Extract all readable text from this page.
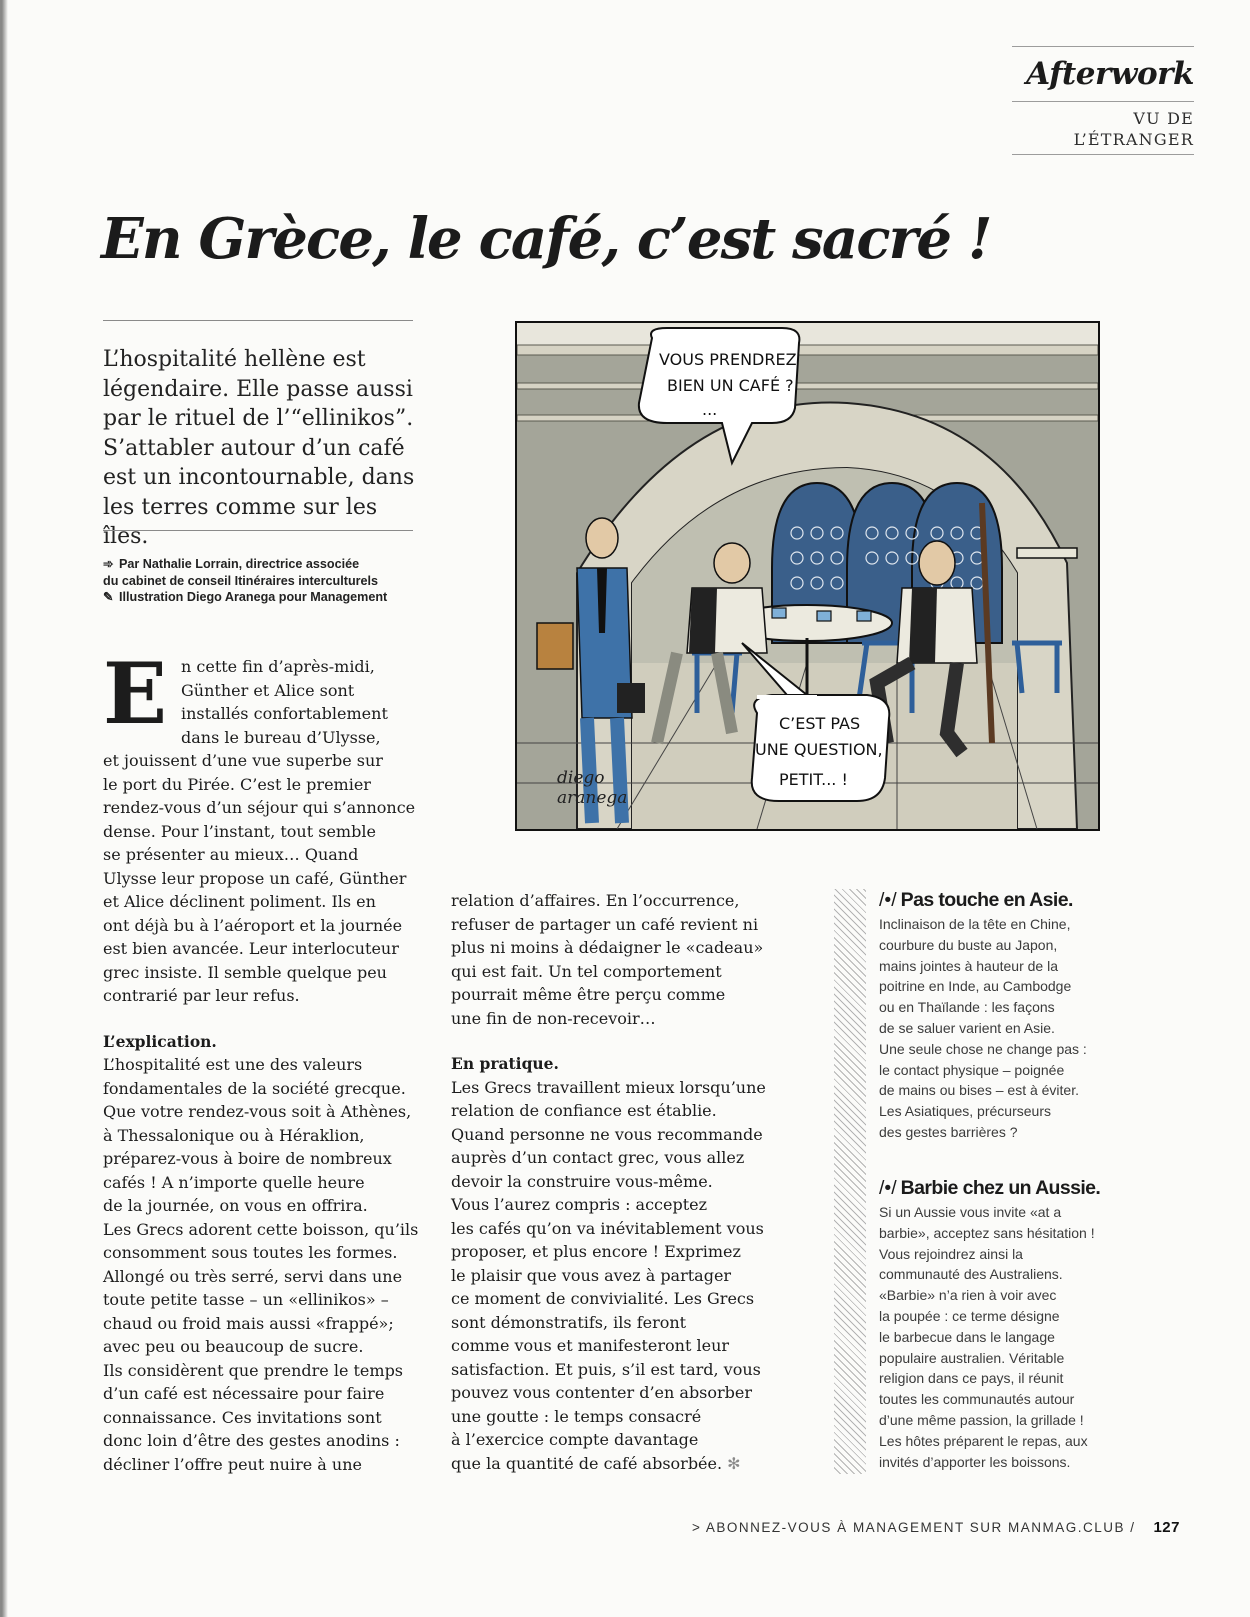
Afterwork
VU DE
L’ÉTRANGER
En Grèce, le café, c’est sacré !
L’hospitalité hellène est
légendaire. Elle passe aussi
par le rituel de l’“ellinikos”.
S’attabler autour d’un café
est un incontournable, dans
les terres comme sur les îles.
➾ Par Nathalie Lorrain, directrice associée
du cabinet de conseil Itinéraires interculturels
✎ Illustration Diego Aranega pour Management
VOUS PRENDREZ
BIEN UN CAFÉ ?
...
C’EST PAS
UNE QUESTION,
PETIT... !
diego
aranega
E n cette fin d’après-midi,

Günther et Alice sont

installés confortablement

dans le bureau d’Ulysse,

et jouissent d’une vue superbe sur

le port du Pirée. C’est le premier

rendez-vous d’un séjour qui s’annonce

dense. Pour l’instant, tout semble

se présenter au mieux… Quand

Ulysse leur propose un café, Günther

et Alice déclinent poliment. Ils en

ont déjà bu à l’aéroport et la journée

est bien avancée. Leur interlocuteur

grec insiste. Il semble quelque peu

contrarié par leur refus.

L’explication.

L’hospitalité est une des valeurs

fondamentales de la société grecque.

Que votre rendez-vous soit à Athènes,

à Thessalonique ou à Héraklion,

préparez-vous à boire de nombreux

cafés ! A n’importe quelle heure

de la journée, on vous en offrira.

Les Grecs adorent cette boisson, qu’ils

consomment sous toutes les formes.

Allongé ou très serré, servi dans une

toute petite tasse – un «ellinikos» –

chaud ou froid mais aussi «frappé»;

avec peu ou beaucoup de sucre.

Ils considèrent que prendre le temps

d’un café est nécessaire pour faire

connaissance. Ces invitations sont

donc loin d’être des gestes anodins :

décliner l’offre peut nuire à une

relation d’affaires. En l’occurrence,

refuser de partager un café revient ni

plus ni moins à dédaigner le «cadeau»

qui est fait. Un tel comportement

pourrait même être perçu comme

une fin de non-recevoir…

En pratique.

Les Grecs travaillent mieux lorsqu’une

relation de confiance est établie.

Quand personne ne vous recommande

auprès d’un contact grec, vous allez

devoir la construire vous-même.

Vous l’aurez compris : acceptez

les cafés qu’on va inévitablement vous

proposer, et plus encore ! Exprimez

le plaisir que vous avez à partager

ce moment de convivialité. Les Grecs

sont démonstratifs, ils feront

comme vous et manifesteront leur

satisfaction. Et puis, s’il est tard, vous

pouvez vous contenter d’en absorber

une goutte : le temps consacré

à l’exercice compte davantage

que la quantité de café absorbée. ✻

/•/ Pas touche en Asie.
Inclinaison de la tête en Chine,
courbure du buste au Japon,
mains jointes à hauteur de la
poitrine en Inde, au Cambodge
ou en Thaïlande : les façons
de se saluer varient en Asie.
Une seule chose ne change pas :
le contact physique – poignée
de mains ou bises – est à éviter.
Les Asiatiques, précurseurs
des gestes barrières ?
/•/ Barbie chez un Aussie.
Si un Aussie vous invite «at a
barbie», acceptez sans hésitation !
Vous rejoindrez ainsi la
communauté des Australiens.
«Barbie» n’a rien à voir avec
la poupée : ce terme désigne
le barbecue dans le langage
populaire australien. Véritable
religion dans ce pays, il réunit
toutes les communautés autour
d’une même passion, la grillade !
Les hôtes préparent le repas, aux
invités d’apporter les boissons.
> ABONNEZ-VOUS À MANAGEMENT SUR MANMAG.CLUB / 127
